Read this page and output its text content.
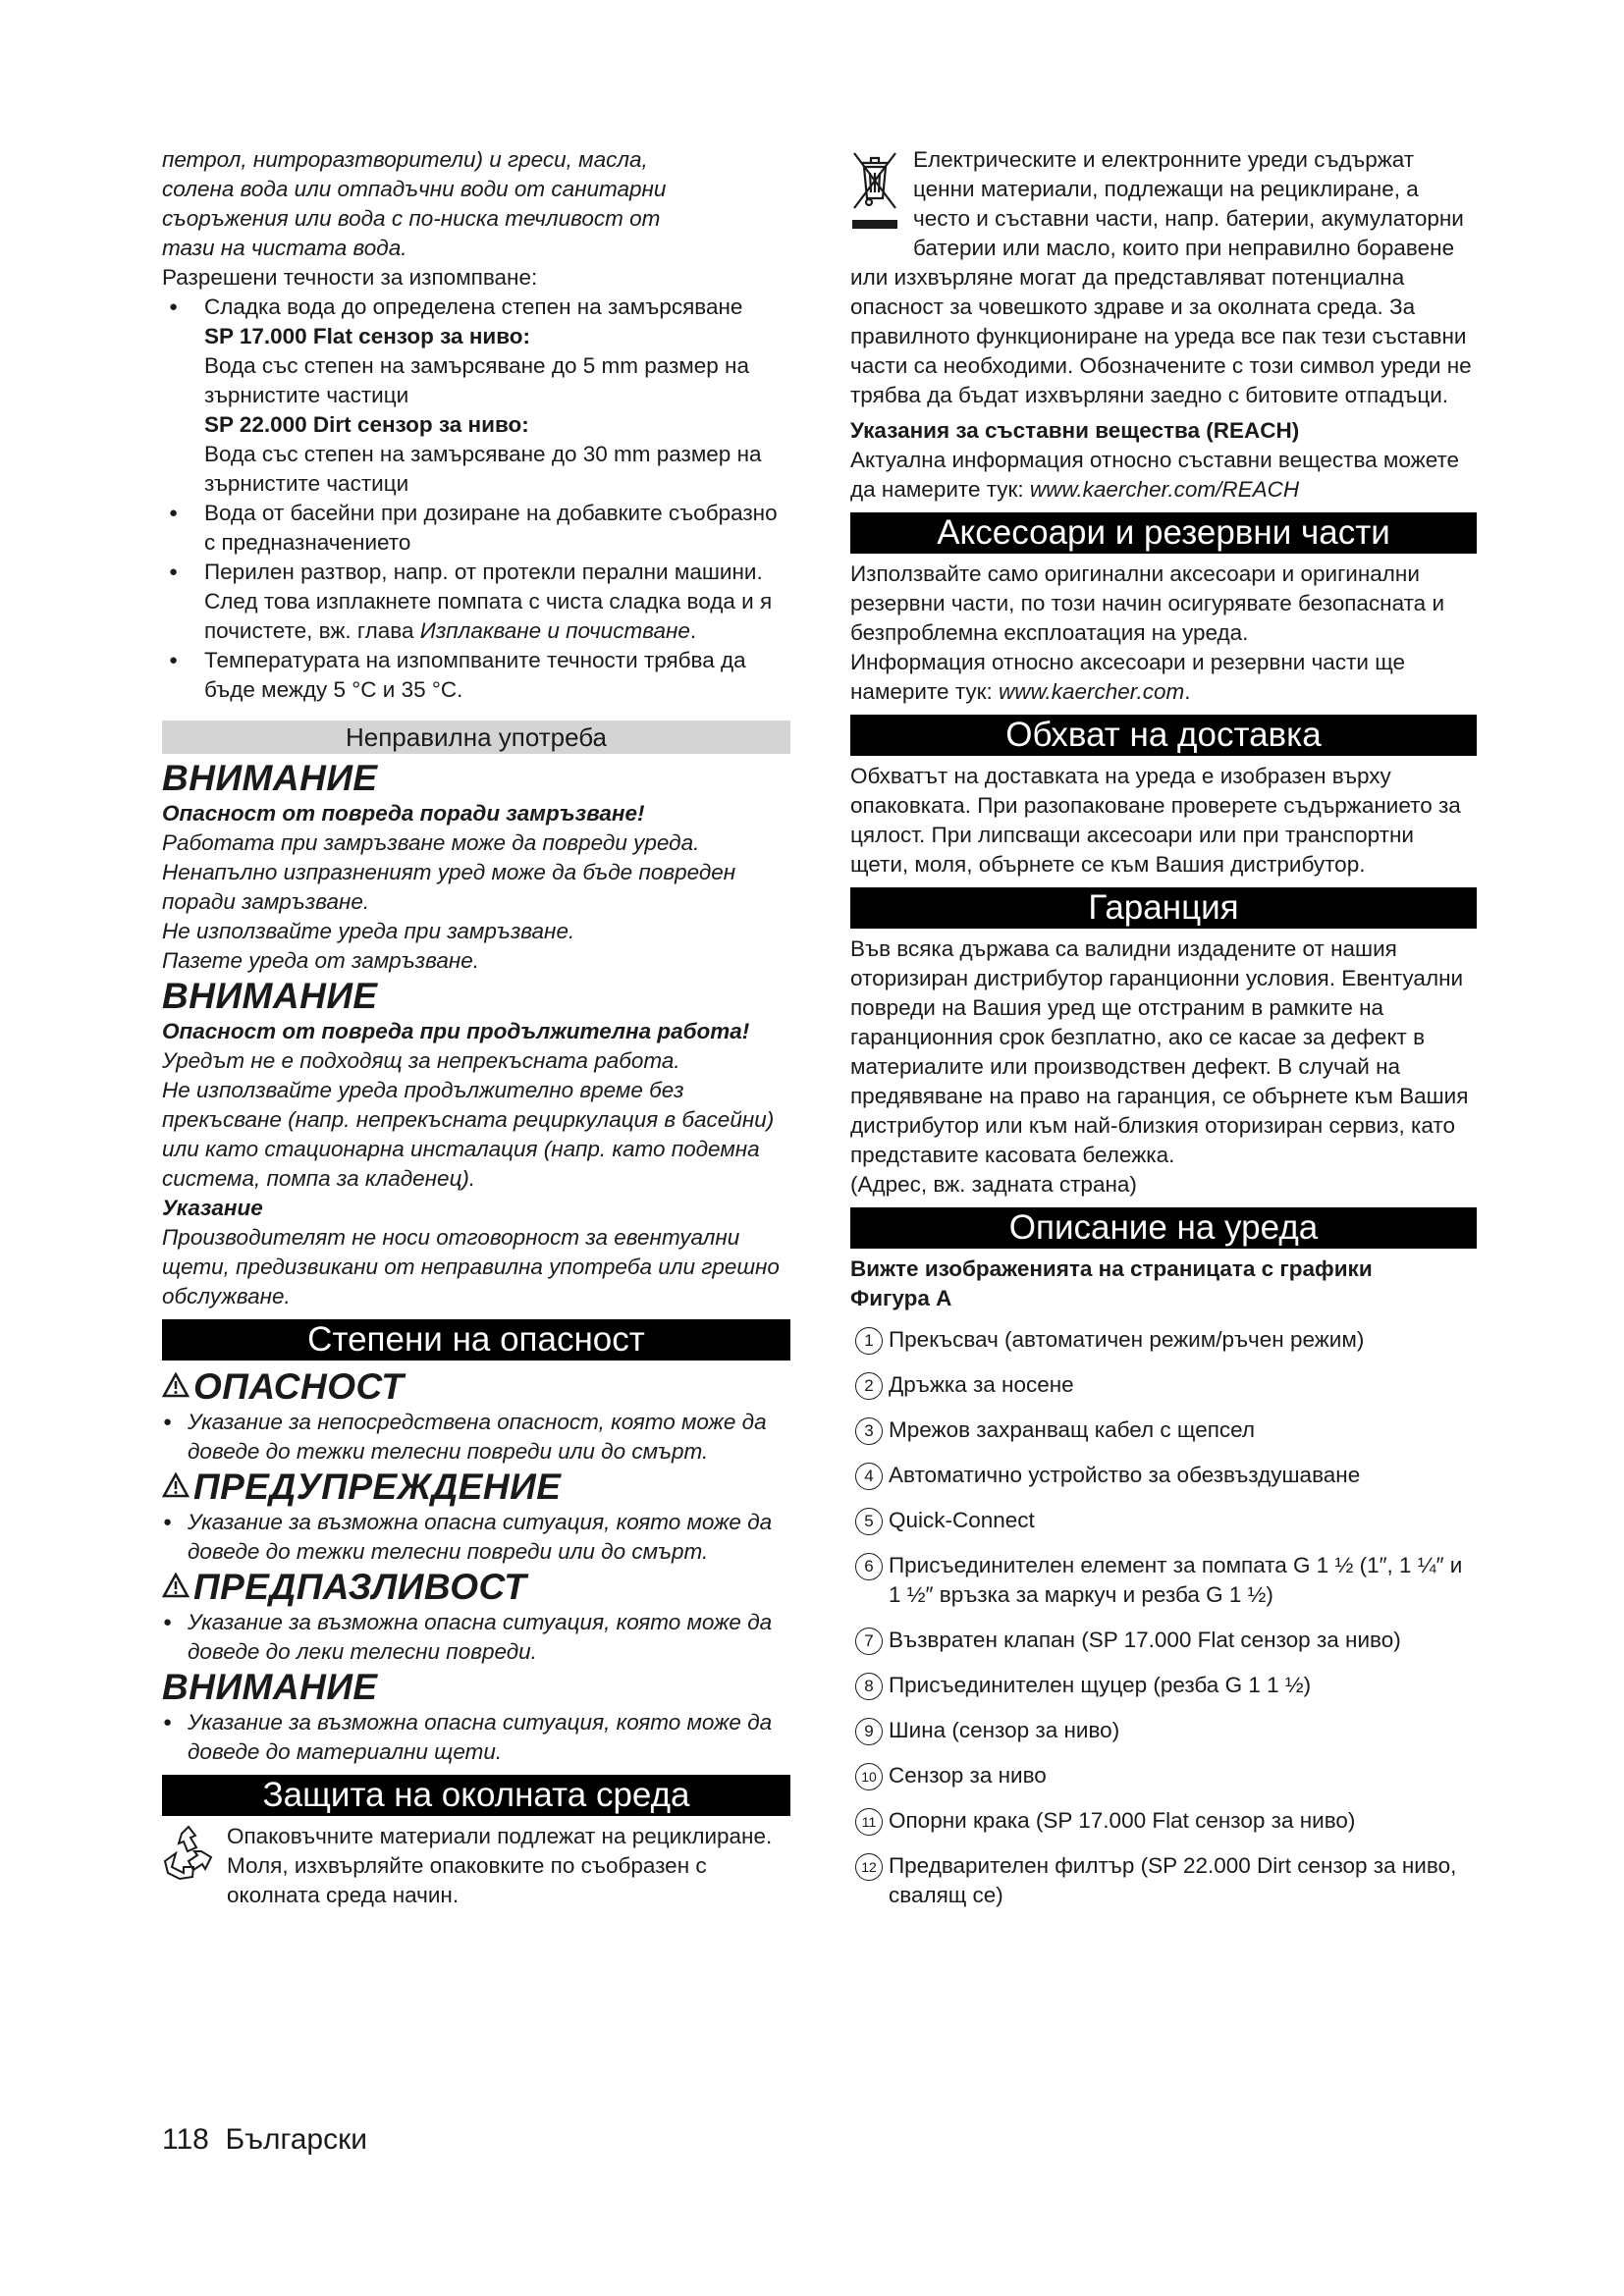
петрол, нитроразтворители) и греси, масла,

солена вода или отпадъчни води от санитарни

съоръжения или вода с по-ниска течливост от

тази на чистата вода.

Разрешени течности за изпомпване:

● Сладка вода до определена степен на замърсяване

SP 17.000 Flat сензор за ниво:

Вода със степен на замърсяване до 5 mm размер на зърнистите частици

SP 22.000 Dirt сензор за ниво:

Вода със степен на замърсяване до 30 mm размер на зърнистите частици

● Вода от басейни при дозиране на добавките съобразно с предназначението

● Перилен разтвор, напр. от протекли перални машини. След това изплакнете помпата с чиста сладка вода и я почистете, вж. глава Изплакване и почистване.

● Температурата на изпомпваните течности трябва да бъде между 5 °C и 35 °C.

Неправилна употреба
ВНИМАНИЕ

Опасност от повреда поради замръзване!

Работата при замръзване може да повреди уреда.

Ненапълно изпразненият уред може да бъде повреден поради замръзване.

Не използвайте уреда при замръзване.

Пазете уреда от замръзване.

ВНИМАНИЕ

Опасност от повреда при продължителна работа!

Уредът не е подходящ за непрекъсната работа.

Не използвайте уреда продължително време без прекъсване (напр. непрекъсната рециркулация в басейни) или като стационарна инсталация (напр. като подемна система, помпа за кладенец).

Указание

Производителят не носи отговорност за евентуални щети, предизвикани от неправилна употреба или грешно обслужване.

Степени на опасност
ОПАСНОСТ

● Указание за непосредствена опасност, която може да доведе до тежки телесни повреди или до смърт.

ПРЕДУПРЕЖДЕНИЕ

● Указание за възможна опасна ситуация, която може да доведе до тежки телесни повреди или до смърт.

ПРЕДПАЗЛИВОСТ

● Указание за възможна опасна ситуация, която може да доведе до леки телесни повреди.

ВНИМАНИЕ

● Указание за възможна опасна ситуация, която може да доведе до материални щети.

Защита на околната среда

Опаковъчните материали подлежат на рециклиране. Моля, изхвърляйте опаковките по съобразен с околната среда начин.

Електрическите и електронните уреди съдържат ценни материали, подлежащи на рециклиране, а често и съставни части, напр. батерии, акумулаторни батерии или масло, които при неправилно боравене или изхвърляне могат да представляват потенциална опасност за човешкото здраве и за околната среда. За правилното функциониране на уреда все пак тези съставни части са необходими. Обозначените с този символ уреди не трябва да бъдат изхвърляни заедно с битовите отпадъци.

Указания за съставни вещества (REACH)

Актуална информация относно съставни вещества можете да намерите тук: www.kaercher.com/REACH

Аксесоари и резервни части

Използвайте само оригинални аксесоари и оригинални резервни части, по този начин осигурявате безопасната и безпроблемна експлоатация на уреда.

Информация относно аксесоари и резервни части ще намерите тук: www.kaercher.com.

Обхват на доставка

Обхватът на доставката на уреда е изобразен върху опаковката. При разопаковане проверете съдържанието за цялост. При липсващи аксесоари или при транспортни щети, моля, обърнете се към Вашия дистрибутор.

Гаранция

Във всяка държава са валидни издадените от нашия оторизиран дистрибутор гаранционни условия. Евентуални повреди на Вашия уред ще отстраним в рамките на гаранционния срок безплатно, ако се касае за дефект в материалите или производствен дефект. В случай на предявяване на право на гаранция, се обърнете към Вашия дистрибутор или към най-близкия оторизиран сервиз, като представите касовата бележка.

(Адрес, вж. задната страна)

Описание на уреда

Вижте изображенията на страницата с графики

Фигура A

1 Прекъсвач (автоматичен режим/ръчен режим)
2 Дръжка за носене
3 Мрежов захранващ кабел с щепсел
4 Автоматично устройство за обезвъздушаване
5 Quick-Connect
6 Присъединителен елемент за помпата G 1 ½ (1″, 1 ¼″ и 1 ½″ връзка за маркуч и резба G 1 ½)
7 Възвратен клапан (SP 17.000 Flat сензор за ниво)
8 Присъединителен щуцер (резба G 1 1 ½)
9 Шина (сензор за ниво)
10 Сензор за ниво
11 Опорни крака (SP 17.000 Flat сензор за ниво)
12 Предварителен филтър (SP 22.000 Dirt сензор за ниво, свалящ се)
118 Български
